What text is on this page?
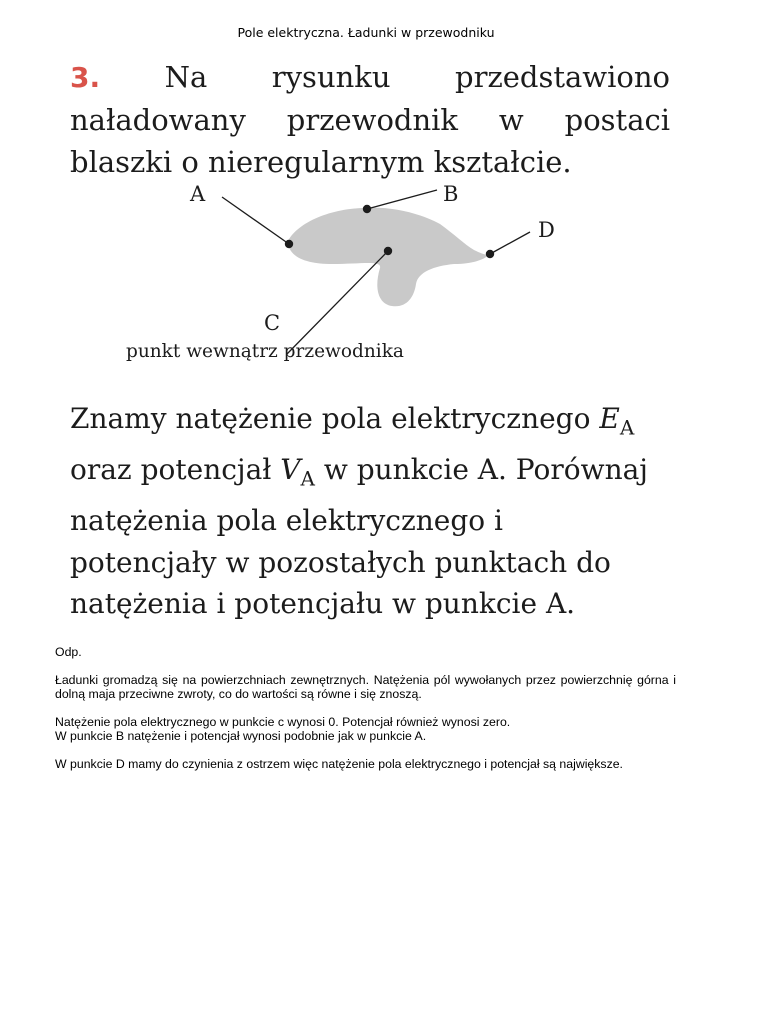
Pole elektryczna. Ładunki w przewodniku
3. Na rysunku przedstawiono naładowany przewodnik w postaci blaszki o nieregularnym kształcie.
A	B
D
C
punkt wewnątrz przewodnika
Znamy natężenie pola elektrycznego $E_A$ oraz potencjał $V_A$ w punkcie A. Porównaj natężenia pola elektrycznego i potencjały w pozostałych punktach do natężenia i potencjału w punkcie A.

Odp.

Ładunki gromadzą się na powierzchniach zewnętrznych. Natężenia pól wywołanych przez powierzchnię górna i dolną maja przeciwne zwroty, co do wartości są równe i się znoszą.

Natężenie pola elektrycznego w punkcie c wynosi 0. Potencjał również wynosi zero.

W punkcie B natężenie i potencjał wynosi podobnie jak w punkcie A.

W punkcie D mamy do czynienia z ostrzem więc natężenie pola elektrycznego i potencjał są największe.
